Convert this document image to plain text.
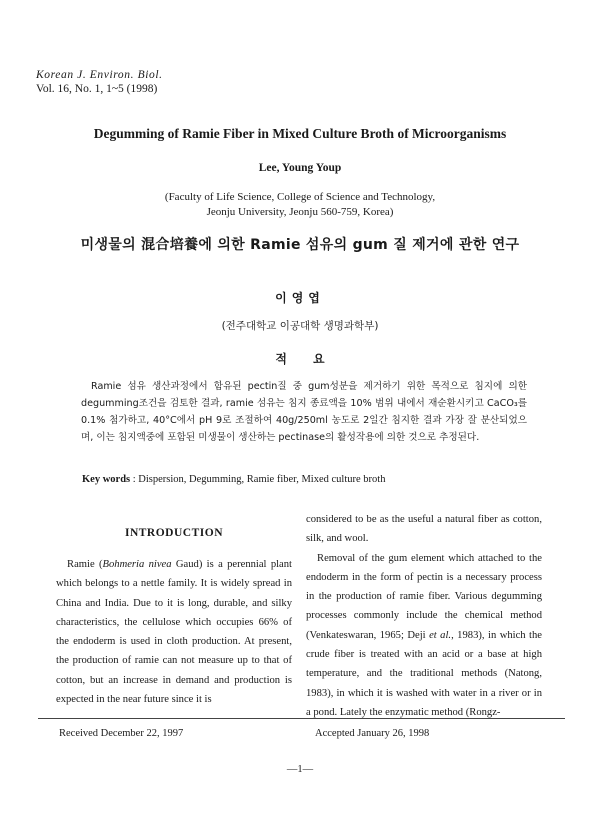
Korean J. Environ. Biol.
Vol. 16, No. 1, 1~5 (1998)
Degumming of Ramie Fiber in Mixed Culture Broth of Microorganisms
Lee, Young Youp
(Faculty of Life Science, College of Science and Technology,
Jeonju University, Jeonju 560-759, Korea)
미생물의 混合培養에 의한 Ramie 섬유의 gum 질 제거에 관한 연구
이영엽
(전주대학교 이공대학 생명과학부)
적요

Ramie 섬유 생산과정에서 함유된 pectin질 중 gum성분을 제거하기 위한 목적으로 침지에 의한 degumming조건을 검토한 결과, ramie 섬유는 침지 종료액을 10% 범위 내에서 재순환시키고 CaCO₃를 0.1% 첨가하고, 40°C에서 pH 9로 조절하여 40g/250ml 농도로 2일간 침지한 결과 가장 잘 분산되었으며, 이는 침지액중에 포함된 미생물이 생산하는 pectinase의 활성작용에 의한 것으로 추정된다.

Key words : Dispersion, Degumming, Ramie fiber, Mixed culture broth
INTRODUCTION

Ramie (Bohmeria nivea Gaud) is a perennial plant which belongs to a nettle family. It is widely spread in China and India. Due to it is long, durable, and silky characteristics, the cellulose which occupies 66% of the endoderm is used in cloth production. At present, the production of ramie can not measure up to that of cotton, but an increase in demand and production is expected in the near future since it is

considered to be as the useful a natural fiber as cotton, silk, and wool.

Removal of the gum element which attached to the endoderm in the form of pectin is a necessary process in the production of ramie fiber. Various degumming processes commonly include the chemical method (Venkateswaran, 1965; Deji et al., 1983), in which the crude fiber is treated with an acid or a base at high temperature, and the traditional methods (Natong, 1983), in which it is washed with water in a river or in a pond. Lately the enzymatic method (Rongz-

Received December 22, 1997	Accepted January 26, 1998
—1—
